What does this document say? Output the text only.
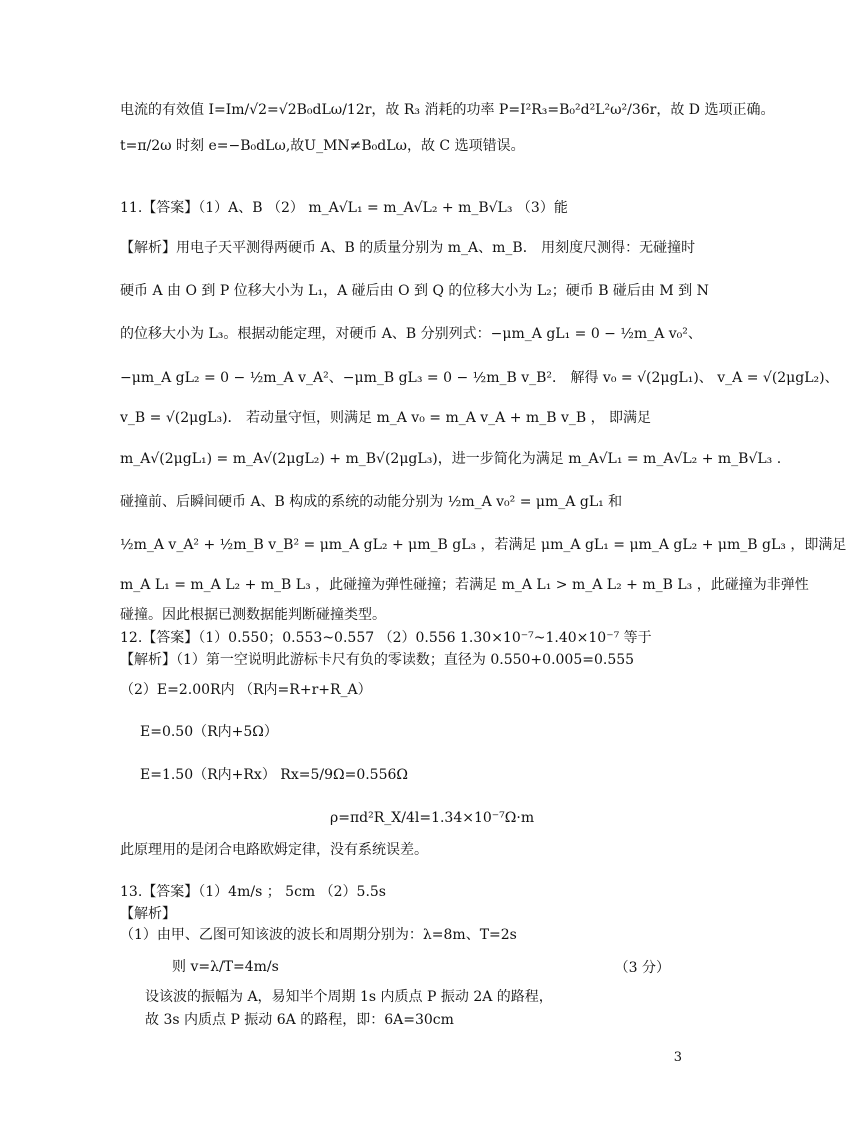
电流的有效值 I=Im/√2=√2B₀dLω/12r，故 R₃ 消耗的功率 P=I²R₃=B₀²d²L²ω²/36r，故 D 选项正确。
t=π/2ω 时刻 e=−B₀dLω,故U_MN≠B₀dLω，故 C 选项错误。
11.【答案】（1）A、B （2） m_A√L₁ = m_A√L₂ + m_B√L₃ （3）能
【解析】用电子天平测得两硬币 A、B 的质量分别为 m_A、m_B． 用刻度尺测得：无碰撞时
硬币 A 由 O 到 P 位移大小为 L₁，A 碰后由 O 到 Q 的位移大小为 L₂；硬币 B 碰后由 M 到 N
的位移大小为 L₃。根据动能定理，对硬币 A、B 分别列式：−μm_A gL₁ = 0 − ½m_A v₀²、
−μm_A gL₂ = 0 − ½m_A v_A²、−μm_B gL₃ = 0 − ½m_B v_B²． 解得 v₀ = √(2μgL₁)、 v_A = √(2μgL₂)、
v_B = √(2μgL₃)． 若动量守恒，则满足 m_A v₀ = m_A v_A + m_B v_B ， 即满足
m_A√(2μgL₁) = m_A√(2μgL₂) + m_B√(2μgL₃)，进一步简化为满足 m_A√L₁ = m_A√L₂ + m_B√L₃ .
碰撞前、后瞬间硬币 A、B 构成的系统的动能分别为 ½m_A v₀² = μm_A gL₁ 和
½m_A v_A² + ½m_B v_B² = μm_A gL₂ + μm_B gL₃ ，若满足 μm_A gL₁ = μm_A gL₂ + μm_B gL₃ ，即满足
m_A L₁ = m_A L₂ + m_B L₃ ，此碰撞为弹性碰撞；若满足 m_A L₁ > m_A L₂ + m_B L₃ ，此碰撞为非弹性
碰撞。因此根据已测数据能判断碰撞类型。
12.【答案】（1）0.550；0.553~0.557 （2）0.556 1.30×10⁻⁷~1.40×10⁻⁷ 等于
【解析】（1）第一空说明此游标卡尺有负的零读数；直径为 0.550+0.005=0.555
（2）E=2.00R内 （R内=R+r+R_A）
E=0.50（R内+5Ω）
E=1.50（R内+Rx） Rx=5/9Ω=0.556Ω
ρ=πd²R_X/4l=1.34×10⁻⁷Ω·m
此原理用的是闭合电路欧姆定律，没有系统误差。
13.【答案】（1）4m/s ； 5cm （2）5.5s
【解析】
（1）由甲、乙图可知该波的波长和周期分别为：λ=8m、T=2s
则 v=λ/T=4m/s	（3 分）
设该波的振幅为 A，易知半个周期 1s 内质点 P 振动 2A 的路程，
故 3s 内质点 P 振动 6A 的路程，即：6A=30cm
3
